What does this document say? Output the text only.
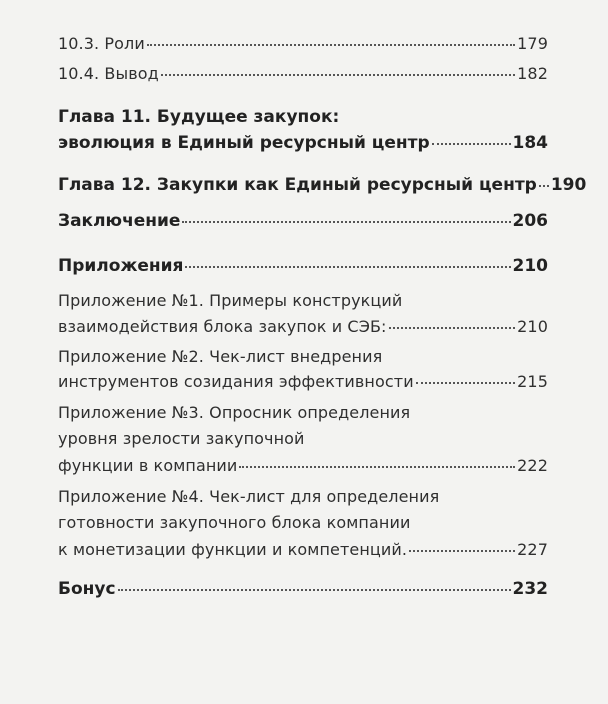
10.3. Роли	179
10.4. Вывод	182
Глава 11. Будущее закупок:
эволюция в Единый ресурсный центр	184
Глава 12. Закупки как Единый ресурсный центр 190
Заключение	206
Приложения	210
Приложение №1. Примеры конструкций
взаимодействия блока закупок и СЭБ:	210
Приложение №2. Чек-лист внедрения
инструментов созидания эффективности	215
Приложение №3. Опросник определения
уровня зрелости закупочной
функции в компании	222
Приложение №4. Чек-лист для определения
готовности закупочного блока компании
к монетизации функции и компетенций.	227
Бонус	232
